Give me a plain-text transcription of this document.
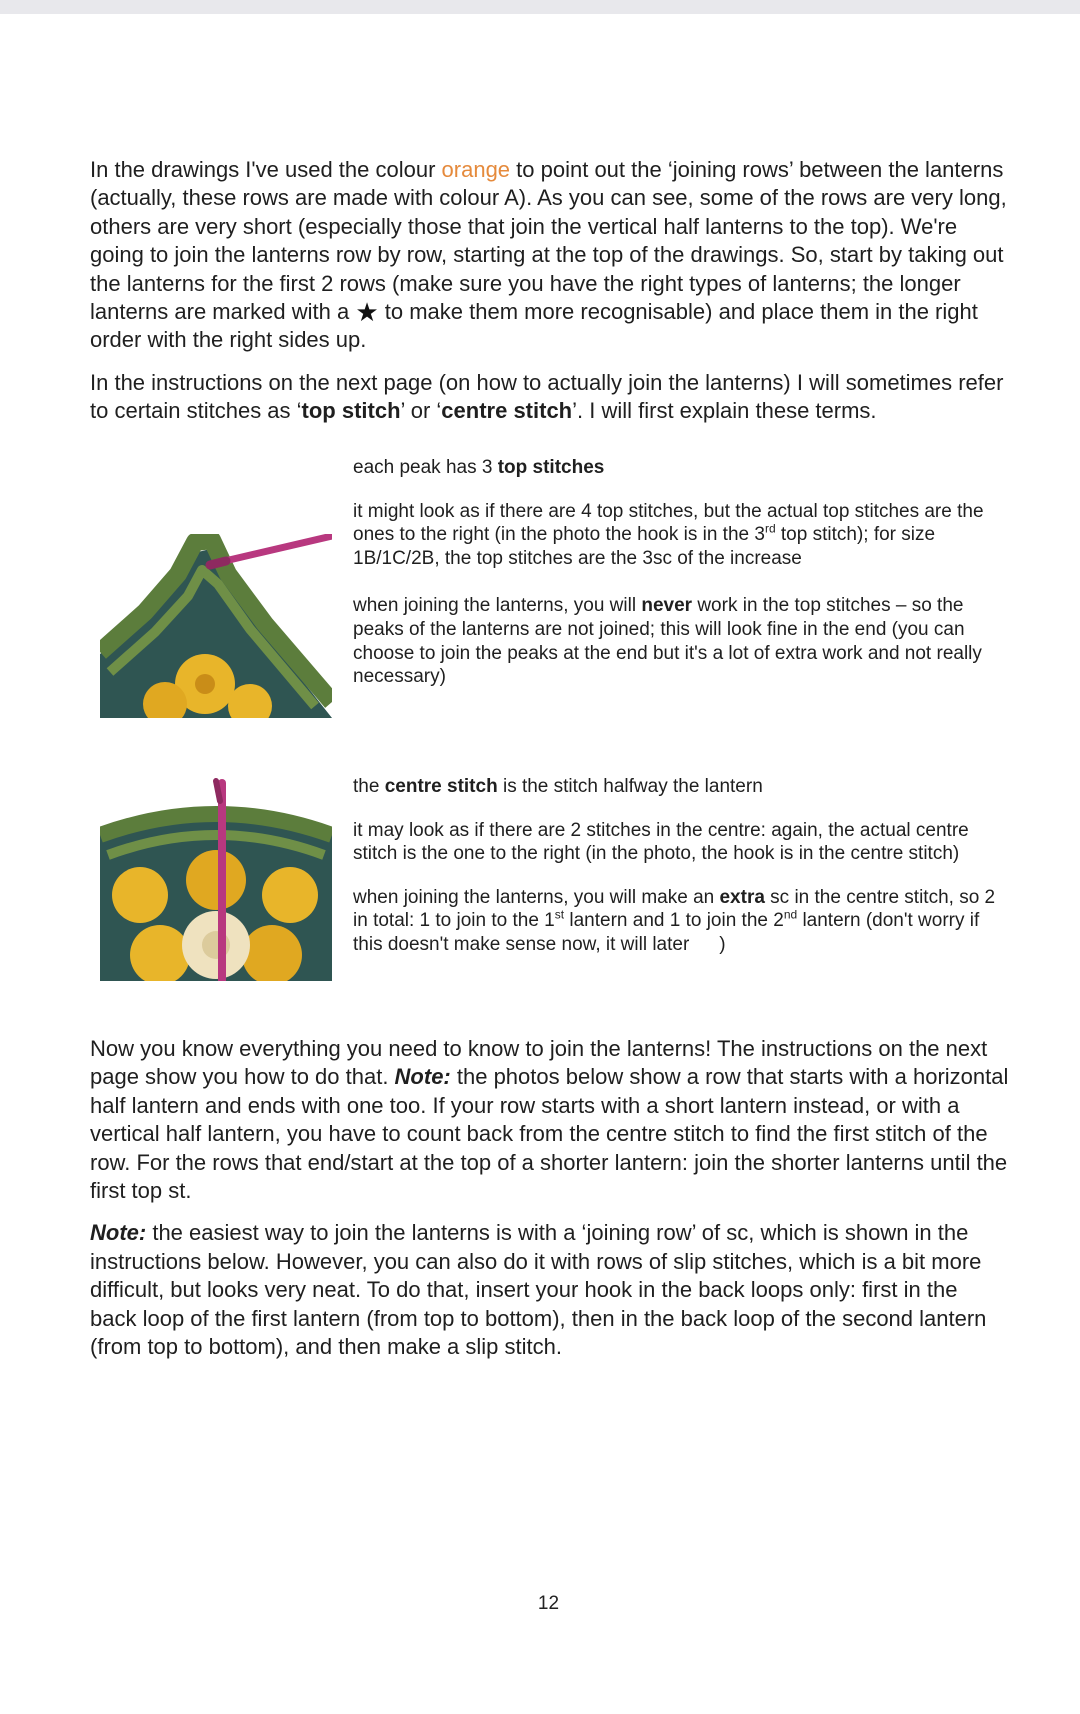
In the drawings I've used the colour orange to point out the ‘joining rows’ between the lanterns (actually, these rows are made with colour A). As you can see, some of the rows are very long, others are very short (especially those that join the vertical half lanterns to the top). We're going to join the lanterns row by row, starting at the top of the drawings. So, start by taking out the lanterns for the first 2 rows (make sure you have the right types of lanterns; the longer lanterns are marked with a ★ to make them more recognisable) and place them in the right order with the right sides up.

In the instructions on the next page (on how to actually join the lanterns) I will sometimes refer to certain stitches as ‘top stitch’ or ‘centre stitch’. I will first explain these terms.

each peak has 3 top stitches

it might look as if there are 4 top stitches, but the actual top stitches are the ones to the right (in the photo the hook is in the 3rd top stitch); for size 1B/1C/2B, the top stitches are the 3sc of the increase

when joining the lanterns, you will never work in the top stitches – so the peaks of the lanterns are not joined; this will look fine in the end (you can choose to join the peaks at the end but it's a lot of extra work and not really necessary)

the centre stitch is the stitch halfway the lantern

it may look as if there are 2 stitches in the centre: again, the actual centre stitch is the one to the right (in the photo, the hook is in the centre stitch)

when joining the lanterns, you will make an extra sc in the centre stitch, so 2 in total: 1 to join to the 1st lantern and 1 to join the 2nd lantern (don't worry if this doesn't make sense now, it will later )

Now you know everything you need to know to join the lanterns! The instructions on the next page show you how to do that. Note: the photos below show a row that starts with a horizontal half lantern and ends with one too. If your row starts with a short lantern instead, or with a vertical half lantern, you have to count back from the centre stitch to find the first stitch of the row. For the rows that end/start at the top of a shorter lantern: join the shorter lanterns until the first top st.

Note: the easiest way to join the lanterns is with a ‘joining row’ of sc, which is shown in the instructions below. However, you can also do it with rows of slip stitches, which is a bit more difficult, but looks very neat. To do that, insert your hook in the back loops only: first in the back loop of the first lantern (from top to bottom), then in the back loop of the second lantern (from top to bottom), and then make a slip stitch.

12
